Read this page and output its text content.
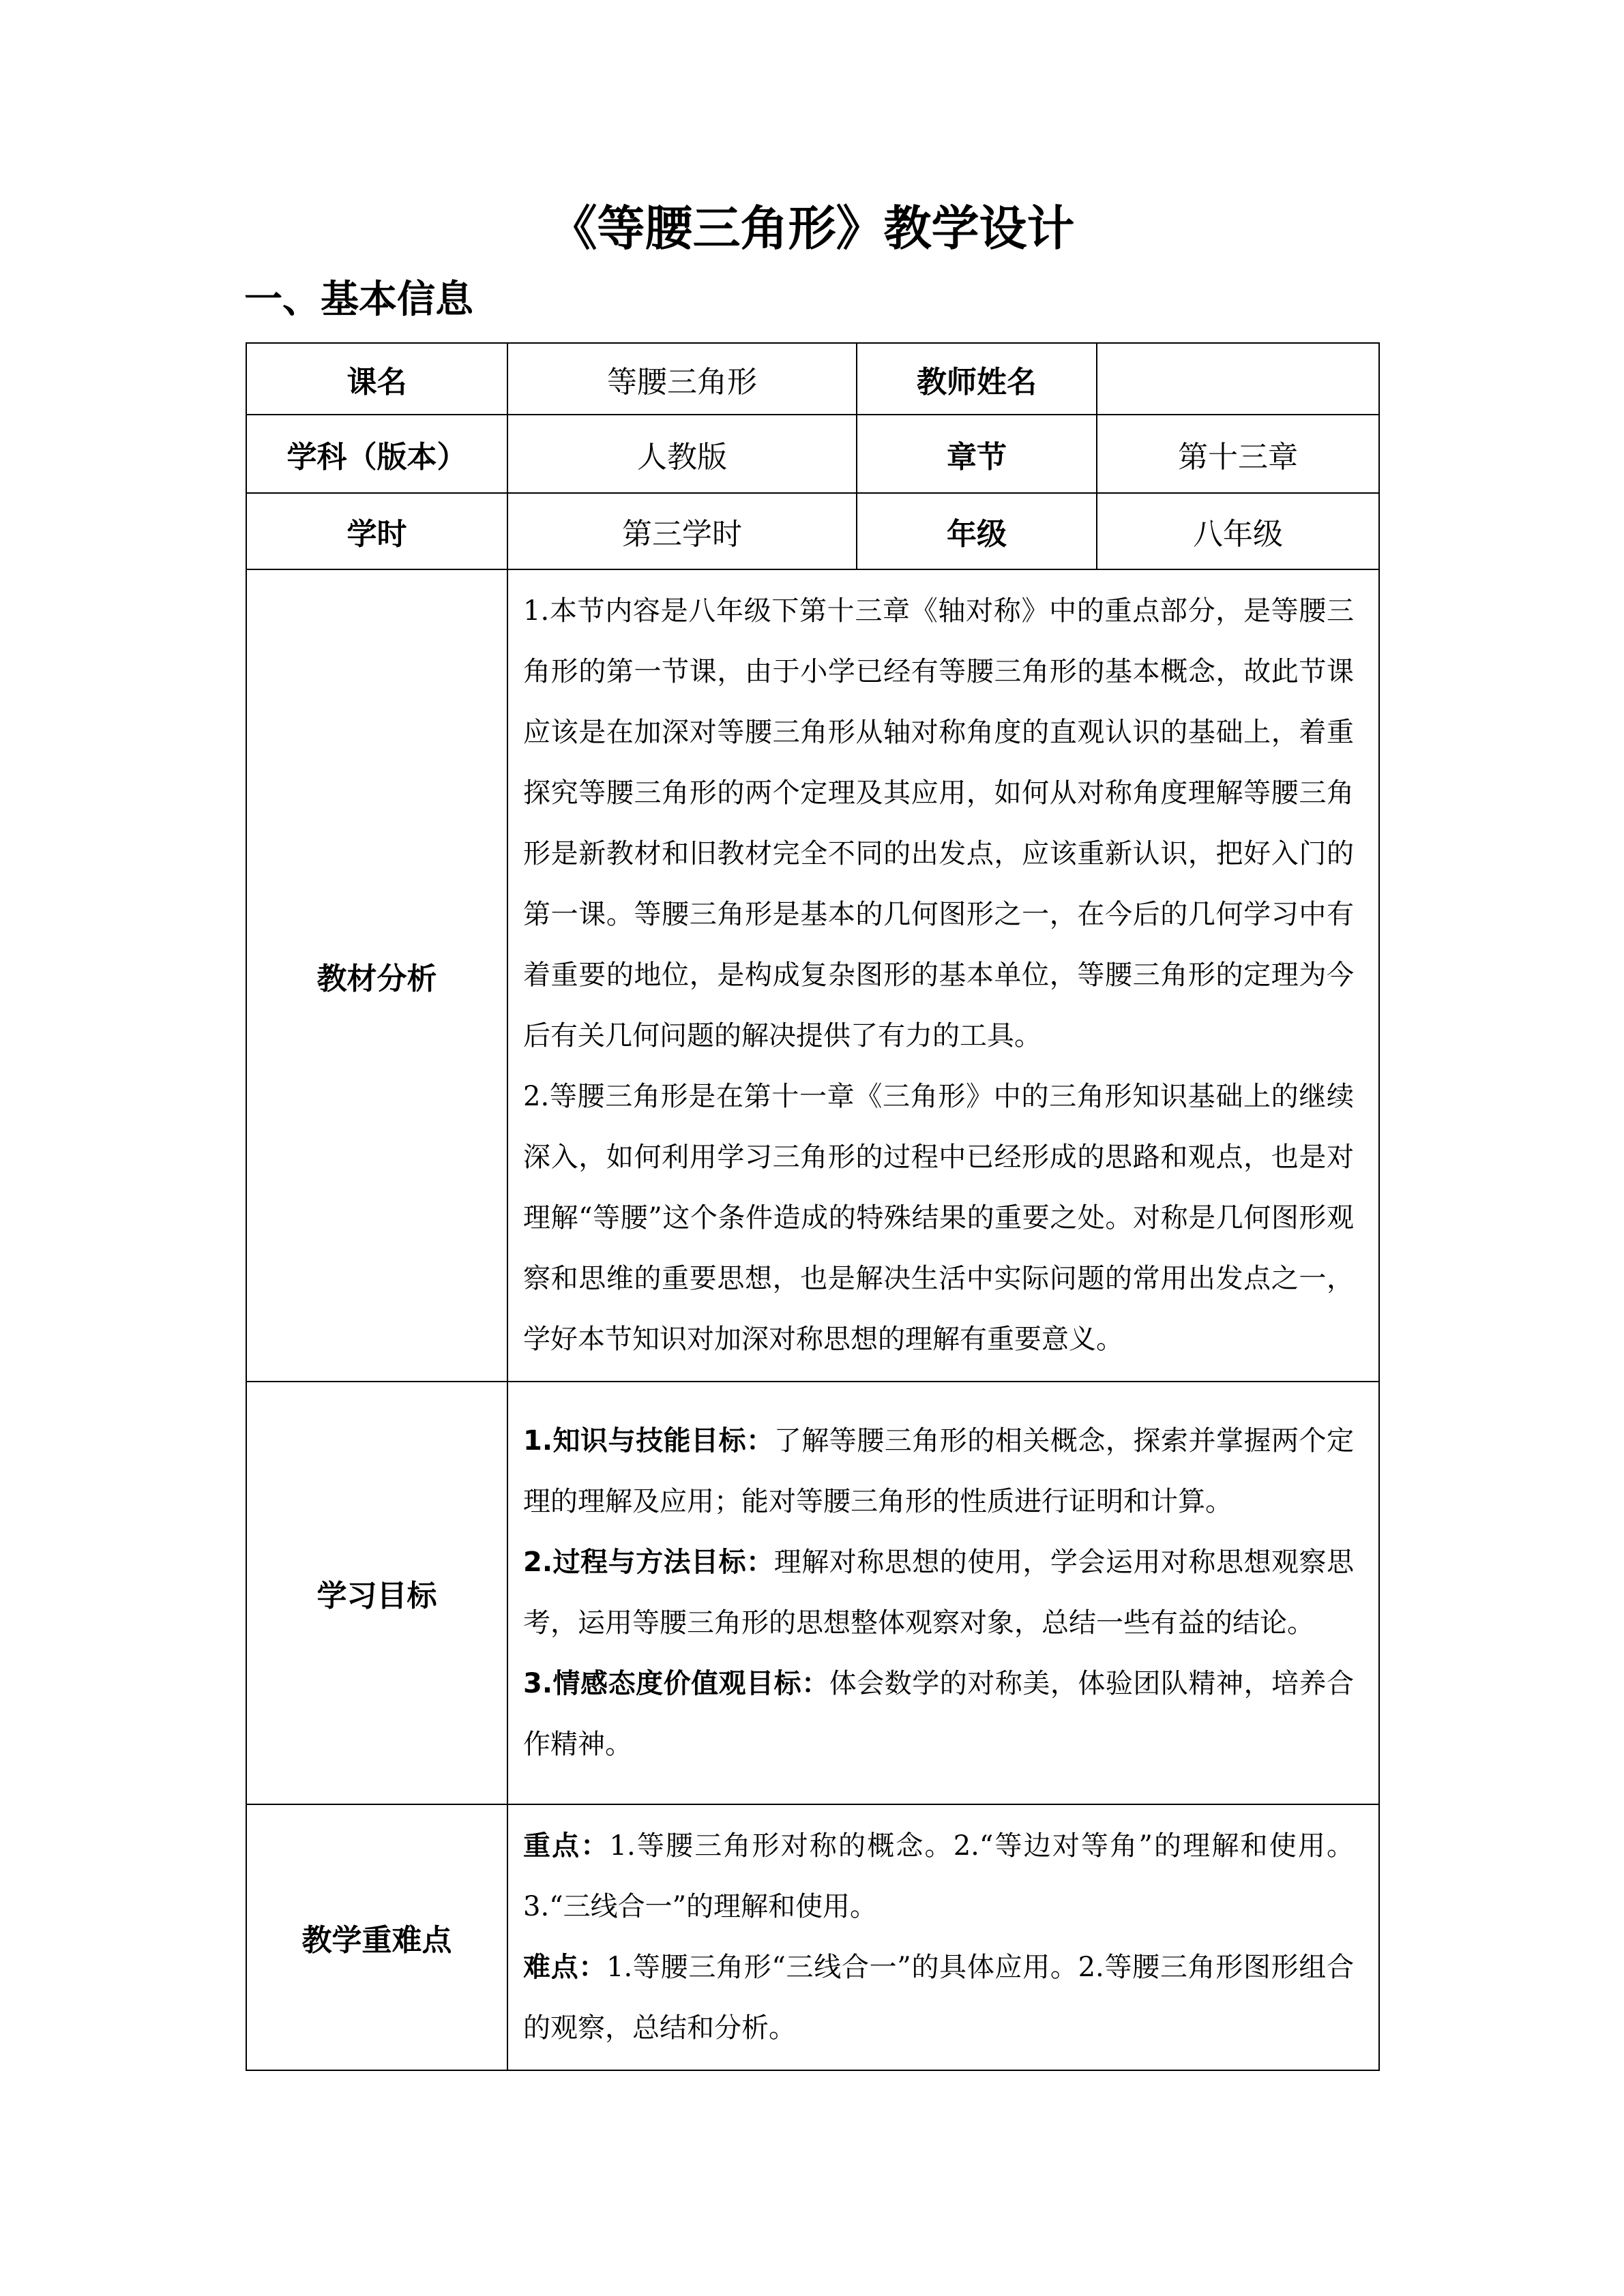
《等腰三角形》教学设计
一、基本信息
课名	等腰三角形	教师姓名	
学科（版本）	人教版	章节	第十三章
学时	第三学时	年级	八年级
教材分析	1.本节内容是八年级下第十三章《轴对称》中的重点部分，是等腰三角形的第一节课，由于小学已经有等腰三角形的基本概念，故此节课应该是在加深对等腰三角形从轴对称角度的直观认识的基础上，着重探究等腰三角形的两个定理及其应用，如何从对称角度理解等腰三角形是新教材和旧教材完全不同的出发点，应该重新认识，把好入门的第一课。等腰三角形是基本的几何图形之一，在今后的几何学习中有着重要的地位，是构成复杂图形的基本单位，等腰三角形的定理为今后有关几何问题的解决提供了有力的工具。

2.等腰三角形是在第十一章《三角形》中的三角形知识基础上的继续深入，如何利用学习三角形的过程中已经形成的思路和观点，也是对理解“等腰”这个条件造成的特殊结果的重要之处。对称是几何图形观察和思维的重要思想，也是解决生活中实际问题的常用出发点之一，学好本节知识对加深对称思想的理解有重要意义。		

学习目标	1.知识与技能目标：了解等腰三角形的相关概念，探索并掌握两个定理的理解及应用；能对等腰三角形的性质进行证明和计算。

2.过程与方法目标：理解对称思想的使用，学会运用对称思想观察思考，运用等腰三角形的思想整体观察对象，总结一些有益的结论。

3.情感态度价值观目标：体会数学的对称美，体验团队精神，培养合作精神。		

教学重难点	重点：1.等腰三角形对称的概念。2.“等边对等角”的理解和使用。3.“三线合一”的理解和使用。

难点：1.等腰三角形“三线合一”的具体应用。2.等腰三角形图形组合的观察，总结和分析。		
